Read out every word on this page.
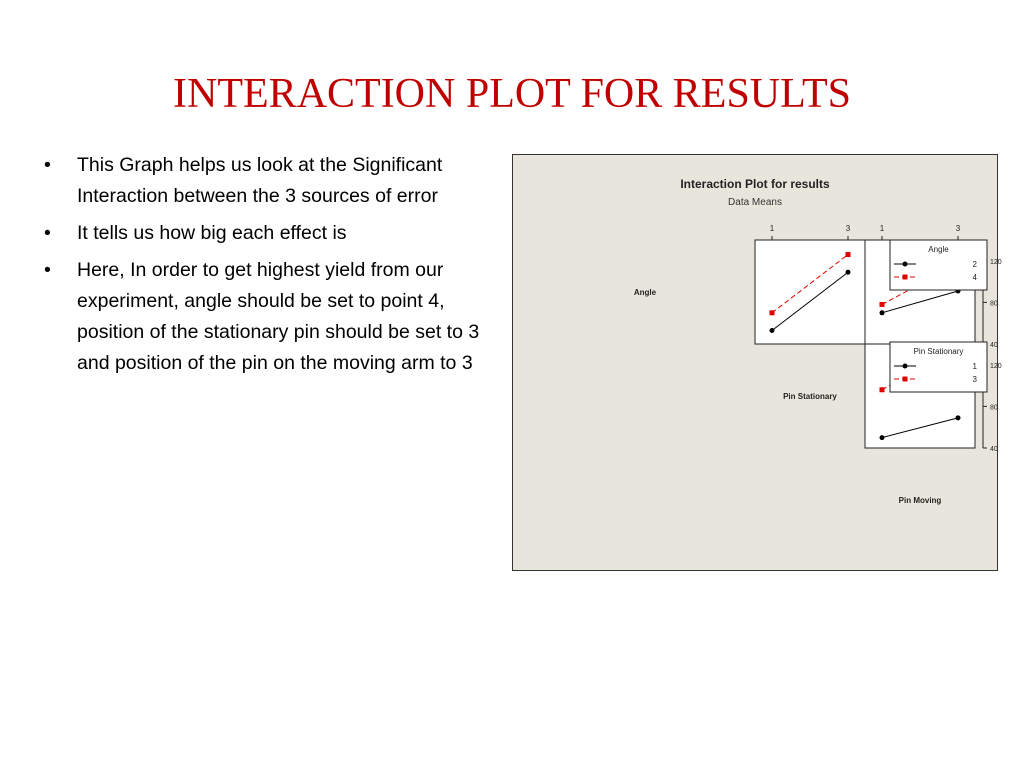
INTERACTION PLOT FOR RESULTS
• This Graph helps us look at the Significant Interaction between the 3 sources of error
• It tells us how big each effect is
• Here, In order to get highest yield from our experiment, angle should be set to point 4, position of the stationary pin should be set to 3 and position of the pin on the moving arm to 3
Interaction Plot for results
Data Means
Angle
Pin Stationary
Pin Moving
1	3	1	3
40
80
120
40
80
120
Angle
2
4
Pin Stationary
1
3
